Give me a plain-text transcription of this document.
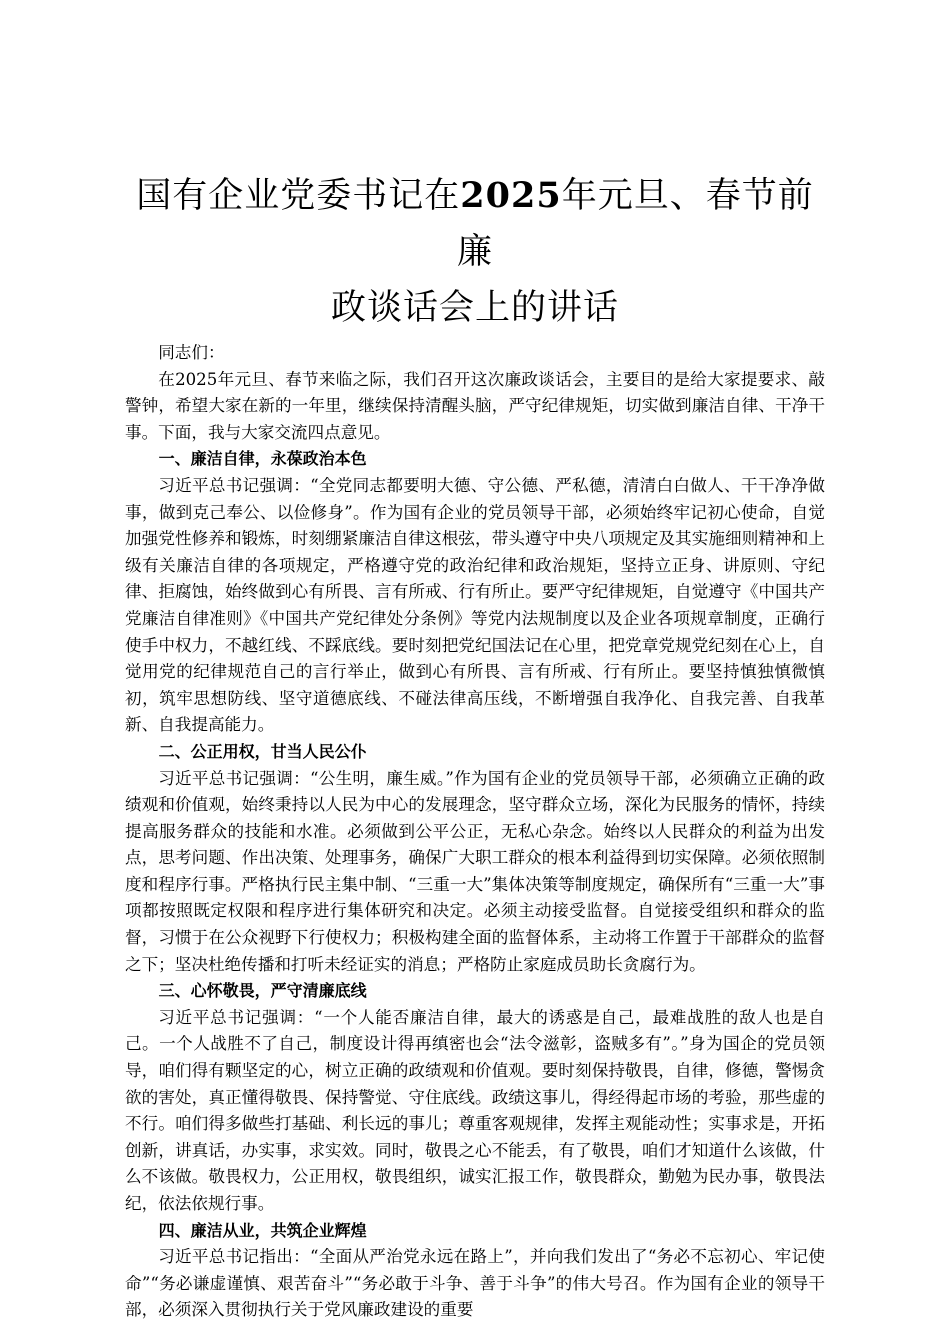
国有企业党委书记在2025年元旦、春节前廉
政谈话会上的讲话

同志们：

在2025年元旦、春节来临之际，我们召开这次廉政谈话会，主要目的是给大家提要求、敲警钟，希望大家在新的一年里，继续保持清醒头脑，严守纪律规矩，切实做到廉洁自律、干净干事。下面，我与大家交流四点意见。

一、廉洁自律，永葆政治本色

习近平总书记强调：“全党同志都要明大德、守公德、严私德，清清白白做人、干干净净做事，做到克己奉公、以俭修身”。作为国有企业的党员领导干部，必须始终牢记初心使命，自觉加强党性修养和锻炼，时刻绷紧廉洁自律这根弦，带头遵守中央八项规定及其实施细则精神和上级有关廉洁自律的各项规定，严格遵守党的政治纪律和政治规矩，坚持立正身、讲原则、守纪律、拒腐蚀，始终做到心有所畏、言有所戒、行有所止。要严守纪律规矩，自觉遵守《中国共产党廉洁自律准则》《中国共产党纪律处分条例》等党内法规制度以及企业各项规章制度，正确行使手中权力，不越红线、不踩底线。要时刻把党纪国法记在心里，把党章党规党纪刻在心上，自觉用党的纪律规范自己的言行举止，做到心有所畏、言有所戒、行有所止。要坚持慎独慎微慎初，筑牢思想防线、坚守道德底线、不碰法律高压线，不断增强自我净化、自我完善、自我革新、自我提高能力。

二、公正用权，甘当人民公仆

习近平总书记强调：“公生明，廉生威。”作为国有企业的党员领导干部，必须确立正确的政绩观和价值观，始终秉持以人民为中心的发展理念，坚守群众立场，深化为民服务的情怀，持续提高服务群众的技能和水准。必须做到公平公正，无私心杂念。始终以人民群众的利益为出发点，思考问题、作出决策、处理事务，确保广大职工群众的根本利益得到切实保障。必须依照制度和程序行事。严格执行民主集中制、“三重一大”集体决策等制度规定，确保所有“三重一大”事项都按照既定权限和程序进行集体研究和决定。必须主动接受监督。自觉接受组织和群众的监督，习惯于在公众视野下行使权力；积极构建全面的监督体系，主动将工作置于干部群众的监督之下；坚决杜绝传播和打听未经证实的消息；严格防止家庭成员助长贪腐行为。

三、心怀敬畏，严守清廉底线

习近平总书记强调：“一个人能否廉洁自律，最大的诱惑是自己，最难战胜的敌人也是自己。一个人战胜不了自己，制度设计得再缜密也会“法令滋彰，盗贼多有”。”身为国企的党员领导，咱们得有颗坚定的心，树立正确的政绩观和价值观。要时刻保持敬畏，自律，修德，警惕贪欲的害处，真正懂得敬畏、保持警觉、守住底线。政绩这事儿，得经得起市场的考验，那些虚的不行。咱们得多做些打基础、利长远的事儿；尊重客观规律，发挥主观能动性；实事求是，开拓创新，讲真话，办实事，求实效。同时，敬畏之心不能丢，有了敬畏，咱们才知道什么该做，什么不该做。敬畏权力，公正用权，敬畏组织，诚实汇报工作，敬畏群众，勤勉为民办事，敬畏法纪，依法依规行事。

四、廉洁从业，共筑企业辉煌

习近平总书记指出：“全面从严治党永远在路上”，并向我们发出了“务必不忘初心、牢记使命”“务必谦虚谨慎、艰苦奋斗”“务必敢于斗争、善于斗争”的伟大号召。作为国有企业的领导干部，必须深入贯彻执行关于党风廉政建设的重要
